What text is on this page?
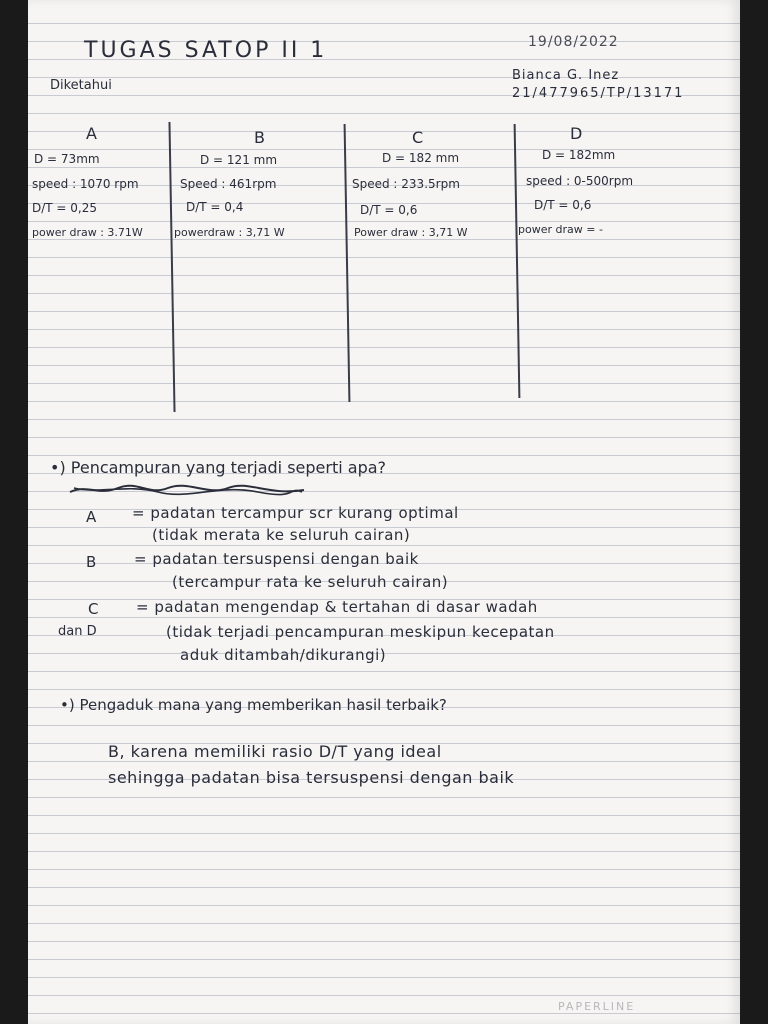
TUGAS SATOP II 1	19/08/2022
Bianca G. Inez
21/477965/TP/13171
Diketahui
A
D = 73mm
speed : 1070 rpm
D/T = 0,25
power draw : 3.71W
B
D = 121 mm
Speed : 461rpm
D/T = 0,4
powerdraw : 3,71 W
C
D = 182 mm
Speed : 233.5rpm
D/T = 0,6
Power draw : 3,71 W
D
D = 182mm
speed : 0-500rpm
D/T = 0,6
power draw = -
•) Pencampuran yang terjadi seperti apa?
A = padatan tercampur scr kurang optimal
(tidak merata ke seluruh cairan)
B	= padatan tersuspensi dengan baik
(tercampur rata ke seluruh cairan)
C
dan D
= padatan mengendap & tertahan di dasar wadah
(tidak terjadi pencampuran meskipun kecepatan
aduk ditambah/dikurangi)
•) Pengaduk mana yang memberikan hasil terbaik?
B, karena memiliki rasio D/T yang ideal
sehingga padatan bisa tersuspensi dengan baik
PAPERLINE
